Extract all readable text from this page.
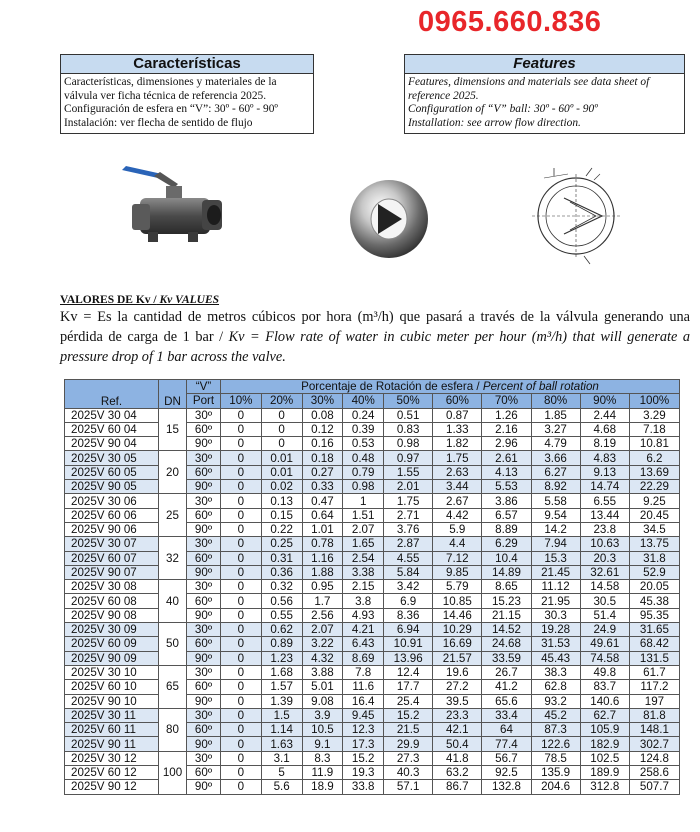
0965.660.836
Características
Características, dimensiones y materiales de la
válvula ver ficha técnica de referencia 2025.
Configuración de esfera en “V”: 30º - 60º - 90º
Instalación: ver flecha de sentido de flujo
Features
Features, dimensions and materials see data sheet of
reference 2025.
Configuration of “V” ball: 30º - 60º - 90º
Installation: see arrow flow direction.
VALORES DE Kv / Kv VALUES
Kv = Es la cantidad de metros cúbicos por hora (m³/h) que pasará a través de la válvula generando una pérdida de carga de 1 bar / Kv = Flow rate of water in cubic meter per hour (m³/h) that will generate a pressure drop of 1 bar across the valve.
Ref.	DN	“V”	Porcentaje de Rotación de esfera / Percent of ball rotation									
		Port	10%	20%	30%	40%	50%	60%	70%	80%	90%	100%
2025V 30 04	15	30º	0	0	0.08	0.24	0.51	0.87	1.26	1.85	2.44	3.29
2025V 60 04		60º	0	0	0.12	0.39	0.83	1.33	2.16	3.27	4.68	7.18
2025V 90 04		90º	0	0	0.16	0.53	0.98	1.82	2.96	4.79	8.19	10.81
2025V 30 05	20	30º	0	0.01	0.18	0.48	0.97	1.75	2.61	3.66	4.83	6.2
2025V 60 05		60º	0	0.01	0.27	0.79	1.55	2.63	4.13	6.27	9.13	13.69
2025V 90 05		90º	0	0.02	0.33	0.98	2.01	3.44	5.53	8.92	14.74	22.29
2025V 30 06	25	30º	0	0.13	0.47	1	1.75	2.67	3.86	5.58	6.55	9.25
2025V 60 06		60º	0	0.15	0.64	1.51	2.71	4.42	6.57	9.54	13.44	20.45
2025V 90 06		90º	0	0.22	1.01	2.07	3.76	5.9	8.89	14.2	23.8	34.5
2025V 30 07	32	30º	0	0.25	0.78	1.65	2.87	4.4	6.29	7.94	10.63	13.75
2025V 60 07		60º	0	0.31	1.16	2.54	4.55	7.12	10.4	15.3	20.3	31.8
2025V 90 07		90º	0	0.36	1.88	3.38	5.84	9.85	14.89	21.45	32.61	52.9
2025V 30 08	40	30º	0	0.32	0.95	2.15	3.42	5.79	8.65	11.12	14.58	20.05
2025V 60 08		60º	0	0.56	1.7	3.8	6.9	10.85	15.23	21.95	30.5	45.38
2025V 90 08		90º	0	0.55	2.56	4.93	8.36	14.46	21.15	30.3	51.4	95.35
2025V 30 09	50	30º	0	0.62	2.07	4.21	6.94	10.29	14.52	19.28	24.9	31.65
2025V 60 09		60º	0	0.89	3.22	6.43	10.91	16.69	24.68	31.53	49.61	68.42
2025V 90 09		90º	0	1.23	4.32	8.69	13.96	21.57	33.59	45.43	74.58	131.5
2025V 30 10	65	30º	0	1.68	3.88	7.8	12.4	19.6	26.7	38.3	49.8	61.7
2025V 60 10		60º	0	1.57	5.01	11.6	17.7	27.2	41.2	62.8	83.7	117.2
2025V 90 10		90º	0	1.39	9.08	16.4	25.4	39.5	65.6	93.2	140.6	197
2025V 30 11	80	30º	0	1.5	3.9	9.45	15.2	23.3	33.4	45.2	62.7	81.8
2025V 60 11		60º	0	1.14	10.5	12.3	21.5	42.1	64	87.3	105.9	148.1
2025V 90 11		90º	0	1.63	9.1	17.3	29.9	50.4	77.4	122.6	182.9	302.7
2025V 30 12	100	30º	0	3.1	8.3	15.2	27.3	41.8	56.7	78.5	102.5	124.8
2025V 60 12		60º	0	5	11.9	19.3	40.3	63.2	92.5	135.9	189.9	258.6
2025V 90 12		90º	0	5.6	18.9	33.8	57.1	86.7	132.8	204.6	312.8	507.7
